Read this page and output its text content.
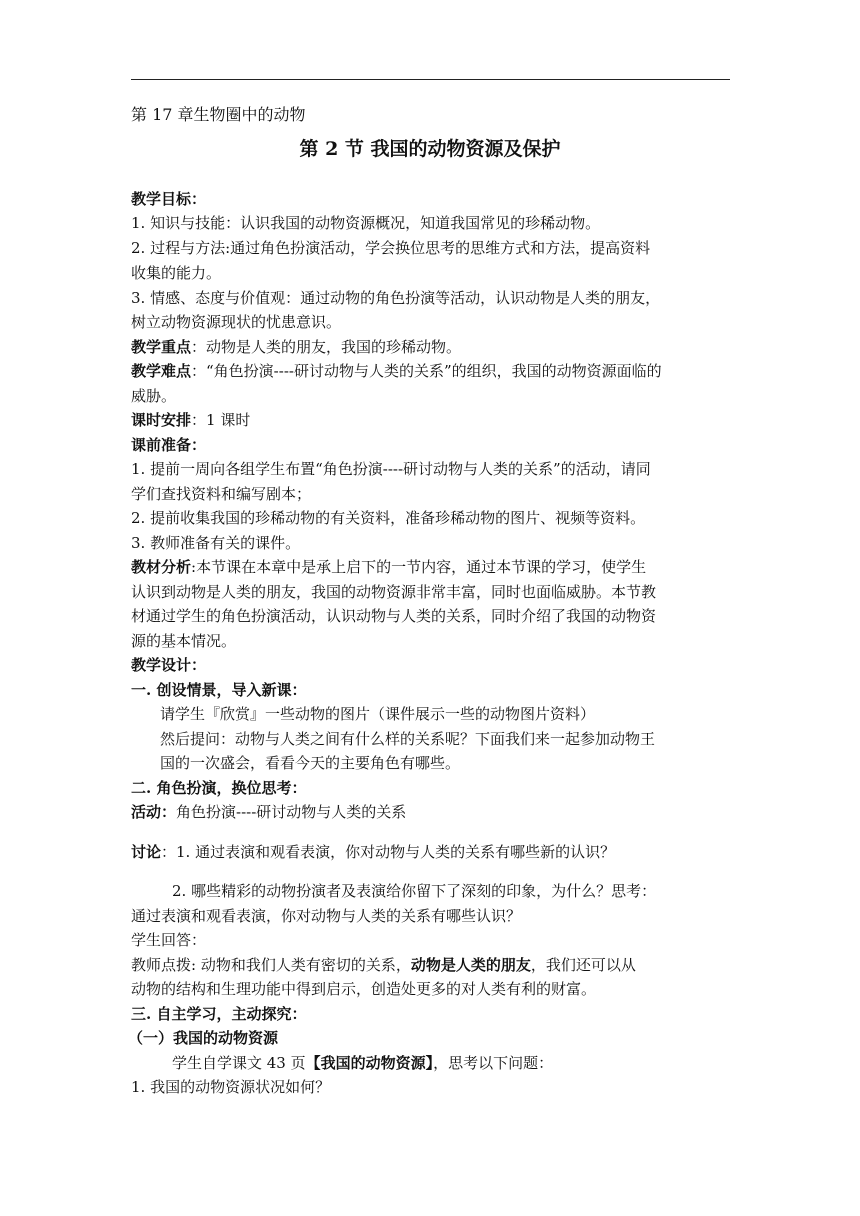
第 17 章生物圈中的动物
第 2 节 我国的动物资源及保护
教学目标：
1. 知识与技能：认识我国的动物资源概况，知道我国常见的珍稀动物。
2. 过程与方法:通过角色扮演活动，学会换位思考的思维方式和方法，提高资料
收集的能力。
3. 情感、态度与价值观：通过动物的角色扮演等活动，认识动物是人类的朋友，
树立动物资源现状的忧患意识。
教学重点：动物是人类的朋友，我国的珍稀动物。
教学难点：“角色扮演----研讨动物与人类的关系”的组织，我国的动物资源面临的
威胁。
课时安排：1 课时
课前准备：
1. 提前一周向各组学生布置“角色扮演----研讨动物与人类的关系”的活动，请同
学们查找资料和编写剧本；
2. 提前收集我国的珍稀动物的有关资料，准备珍稀动物的图片、视频等资料。
3. 教师准备有关的课件。
教材分析:本节课在本章中是承上启下的一节内容，通过本节课的学习，使学生
认识到动物是人类的朋友，我国的动物资源非常丰富，同时也面临威胁。本节教
材通过学生的角色扮演活动，认识动物与人类的关系，同时介绍了我国的动物资
源的基本情况。
教学设计：
一. 创设情景，导入新课：
请学生『欣赏』一些动物的图片（课件展示一些的动物图片资料）
然后提问：动物与人类之间有什么样的关系呢？下面我们来一起参加动物王
国的一次盛会，看看今天的主要角色有哪些。
二. 角色扮演，换位思考：
活动：角色扮演----研讨动物与人类的关系
讨论：1. 通过表演和观看表演，你对动物与人类的关系有哪些新的认识？
2. 哪些精彩的动物扮演者及表演给你留下了深刻的印象，为什么？思考：
通过表演和观看表演，你对动物与人类的关系有哪些认识？
学生回答：
教师点拨: 动物和我们人类有密切的关系，动物是人类的朋友，我们还可以从
动物的结构和生理功能中得到启示，创造处更多的对人类有利的财富。
三. 自主学习，主动探究：
（一）我国的动物资源
学生自学课文 43 页【我国的动物资源】，思考以下问题：
1. 我国的动物资源状况如何？
